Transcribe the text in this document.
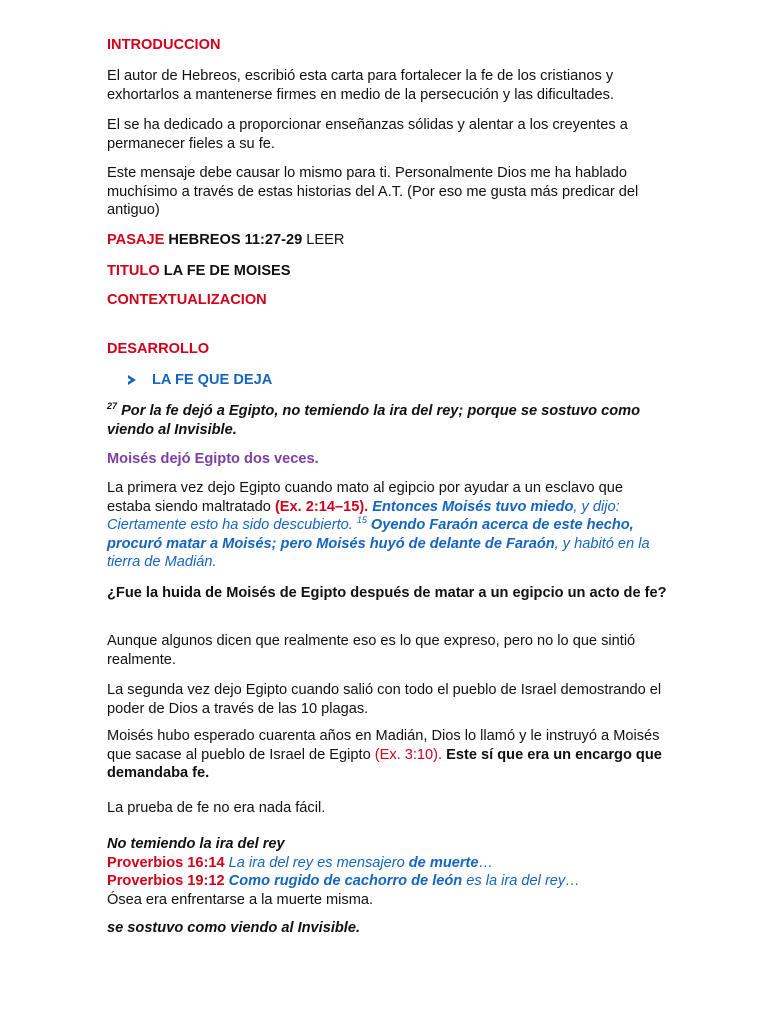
INTRODUCCION

El autor de Hebreos, escribió esta carta para fortalecer la fe de los cristianos y exhortarlos a mantenerse firmes en medio de la persecución y las dificultades.

El se ha dedicado a proporcionar enseñanzas sólidas y alentar a los creyentes a permanecer fieles a su fe.

Este mensaje debe causar lo mismo para ti. Personalmente Dios me ha hablado muchísimo a través de estas historias del A.T. (Por eso me gusta más predicar del antiguo)

PASAJE HEBREOS 11:27-29 LEER

TITULO LA FE DE MOISES

CONTEXTUALIZACION

DESARROLLO

LA FE QUE DEJA

$^{27}$ Por la fe dejó a Egipto, no temiendo la ira del rey; porque se sostuvo como viendo al Invisible.

Moisés dejó Egipto dos veces.

La primera vez dejo Egipto cuando mato al egipcio por ayudar a un esclavo que estaba siendo maltratado (Ex. 2:14–15). Entonces Moisés tuvo miedo, y dijo: Ciertamente esto ha sido descubierto. $^{15}$ Oyendo Faraón acerca de este hecho, procuró matar a Moisés; pero Moisés huyó de delante de Faraón, y habitó en la tierra de Madián.

¿Fue la huida de Moisés de Egipto después de matar a un egipcio un acto de fe?

Aunque algunos dicen que realmente eso es lo que expreso, pero no lo que sintió realmente.

La segunda vez dejo Egipto cuando salió con todo el pueblo de Israel demostrando el poder de Dios a través de las 10 plagas.

Moisés hubo esperado cuarenta años en Madián, Dios lo llamó y le instruyó a Moisés que sacase al pueblo de Israel de Egipto (Ex. 3:10). Este sí que era un encargo que demandaba fe.

La prueba de fe no era nada fácil.

No temiendo la ira del rey

Proverbios 16:14 La ira del rey es mensajero de muerte…

Proverbios 19:12 Como rugido de cachorro de león es la ira del rey…

Ósea era enfrentarse a la muerte misma.

se sostuvo como viendo al Invisible.
